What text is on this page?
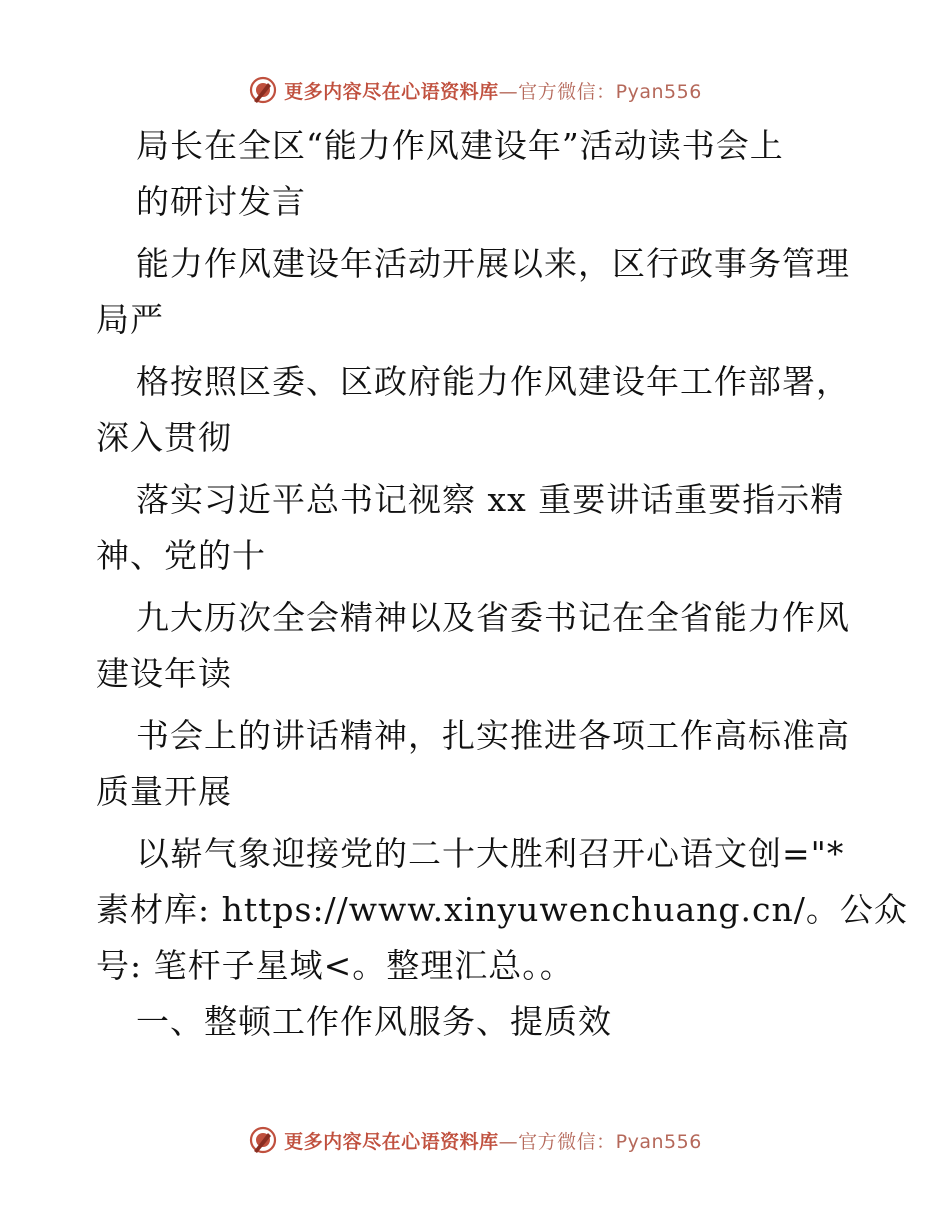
更多内容尽在心语资料库—官方微信：Pyan556
局长在全区“能力作风建设年”活动读书会上
的研讨发言
能力作风建设年活动开展以来，区行政事务管理
局严
格按照区委、区政府能力作风建设年工作部署，
深入贯彻
落实习近平总书记视察 xx 重要讲话重要指示精
神、党的十
九大历次全会精神以及省委书记在全省能力作风
建设年读
书会上的讲话精神，扎实推进各项工作高标准高
质量开展
以崭气象迎接党的二十大胜利召开心语文创="*
素材库: https://www.xinyuwenchuang.cn/。公众
号: 笔杆子星域<。整理汇总。。
一、整顿工作作风服务、提质效
更多内容尽在心语资料库—官方微信：Pyan556
